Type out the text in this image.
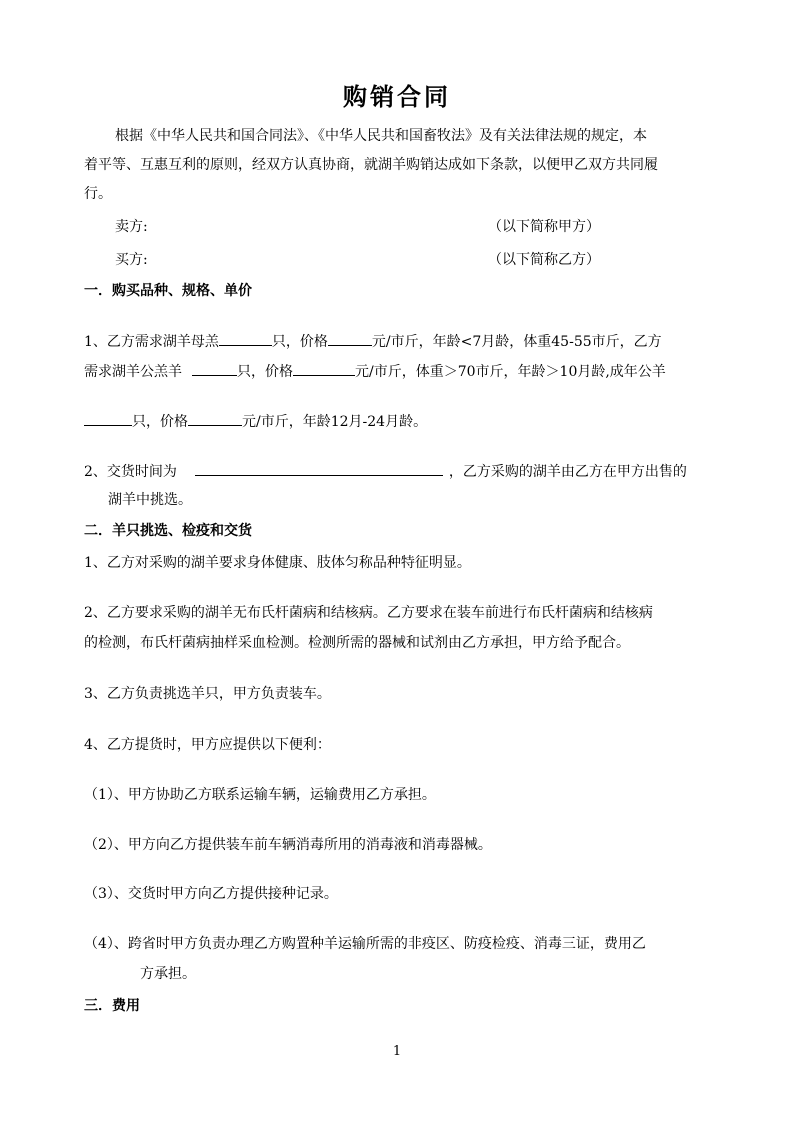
购销合同
根据《中华人民共和国合同法》、《中华人民共和国畜牧法》及有关法律法规的规定，本
着平等、互惠互利的原则，经双方认真协商，就湖羊购销达成如下条款，以便甲乙双方共同履
行。
卖方:	（以下简称甲方）
买方:	（以下简称乙方）
一．购买品种、规格、单价
1、乙方需求湖羊母羔	只，价格	元/市斤，年龄<7月龄，体重45-55市斤，乙方
需求湖羊公羔羊	只，价格	元/市斤，体重＞70市斤，年龄＞10月龄,成年公羊
只，价格	元/市斤，年龄12月-24月龄。
2、交货时间为	，乙方采购的湖羊由乙方在甲方出售的
湖羊中挑选。
二．羊只挑选、检疫和交货
1、乙方对采购的湖羊要求身体健康、肢体匀称品种特征明显。
2、乙方要求采购的湖羊无布氏杆菌病和结核病。乙方要求在装车前进行布氏杆菌病和结核病
的检测，布氏杆菌病抽样采血检测。检测所需的器械和试剂由乙方承担，甲方给予配合。
3、乙方负责挑选羊只，甲方负责装车。
4、乙方提货时，甲方应提供以下便利：
（1）、甲方协助乙方联系运输车辆，运输费用乙方承担。
（2）、甲方向乙方提供装车前车辆消毒所用的消毒液和消毒器械。
（3）、交货时甲方向乙方提供接种记录。
（4）、跨省时甲方负责办理乙方购置种羊运输所需的非疫区、防疫检疫、消毒三证，费用乙
方承担。
三．费用
1
